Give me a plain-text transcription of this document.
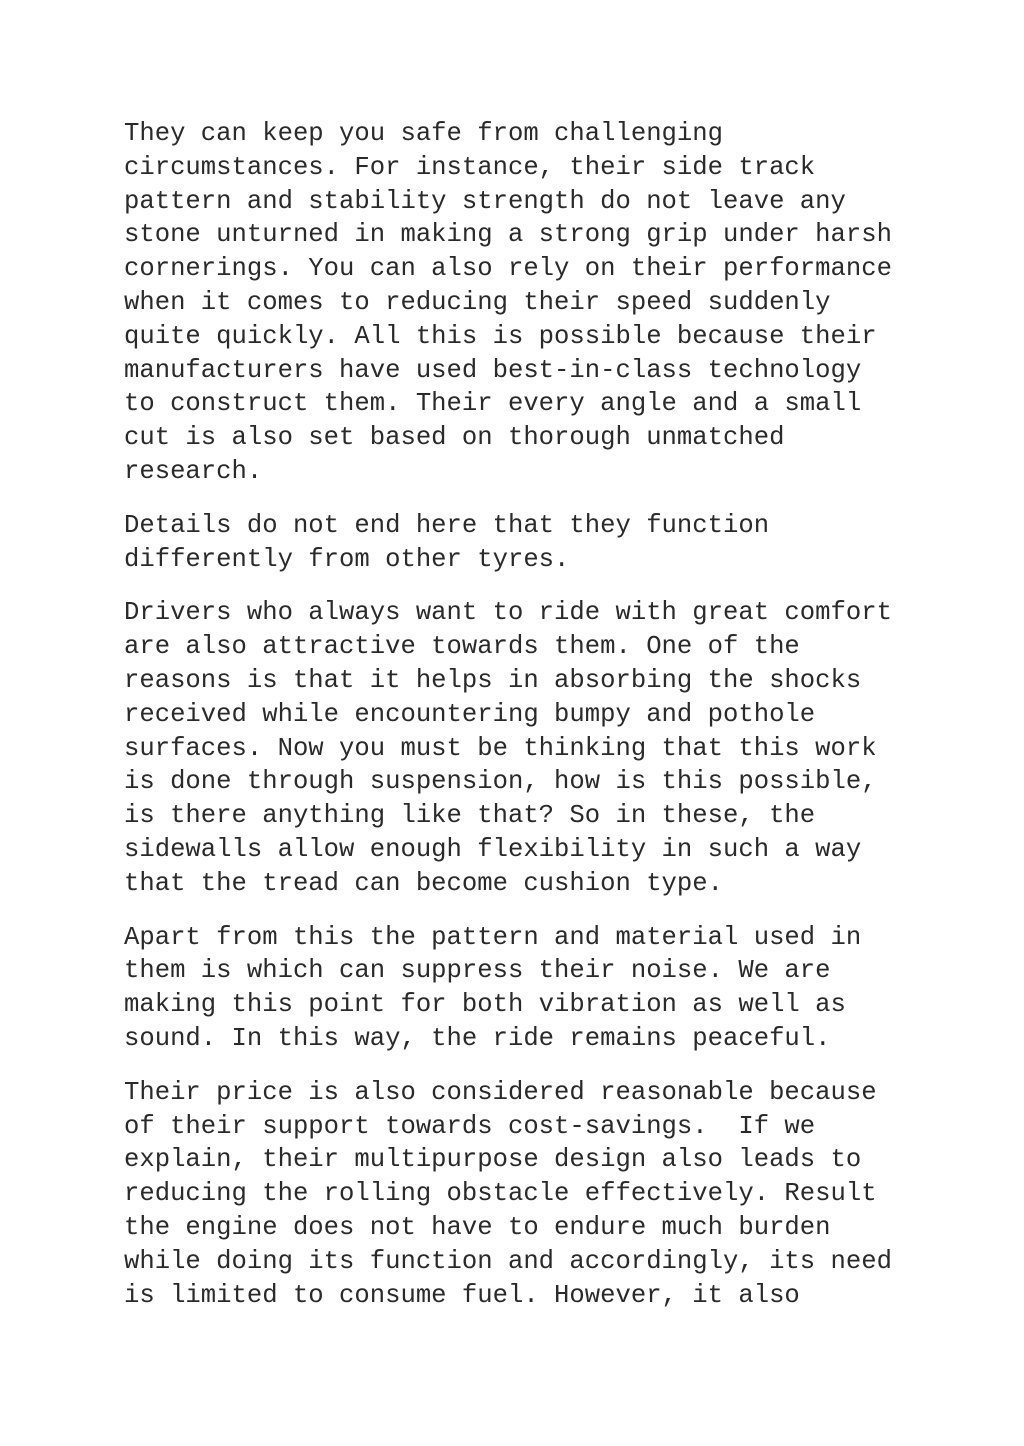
They can keep you safe from challenging

circumstances. For instance, their side track

pattern and stability strength do not leave any

stone unturned in making a strong grip under harsh

cornerings. You can also rely on their performance

when it comes to reducing their speed suddenly

quite quickly. All this is possible because their

manufacturers have used best-in-class technology

to construct them. Their every angle and a small

cut is also set based on thorough unmatched

research.

Details do not end here that they function

differently from other tyres.

Drivers who always want to ride with great comfort

are also attractive towards them. One of the

reasons is that it helps in absorbing the shocks

received while encountering bumpy and pothole

surfaces. Now you must be thinking that this work

is done through suspension, how is this possible,

is there anything like that? So in these, the

sidewalls allow enough flexibility in such a way

that the tread can become cushion type.

Apart from this the pattern and material used in

them is which can suppress their noise. We are

making this point for both vibration as well as

sound. In this way, the ride remains peaceful.

Their price is also considered reasonable because

of their support towards cost-savings.  If we

explain, their multipurpose design also leads to

reducing the rolling obstacle effectively. Result

the engine does not have to endure much burden

while doing its function and accordingly, its need

is limited to consume fuel. However, it also
